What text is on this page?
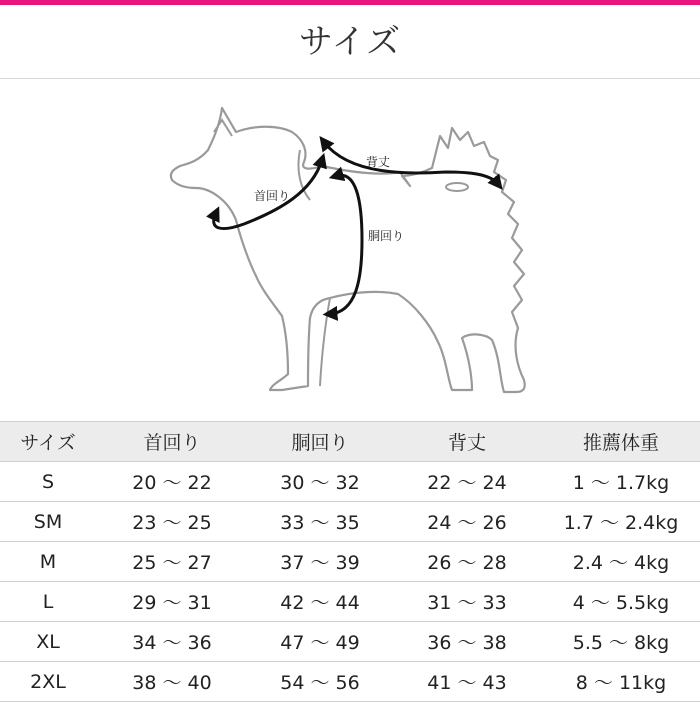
サイズ
首回り
背丈
胴回り
サイズ	首回り	胴回り	背丈	推薦体重
S	20 〜 22	30 〜 32	22 〜 24	1 〜 1.7kg
SM	23 〜 25	33 〜 35	24 〜 26	1.7 〜 2.4kg
M	25 〜 27	37 〜 39	26 〜 28	2.4 〜 4kg
L	29 〜 31	42 〜 44	31 〜 33	4 〜 5.5kg
XL	34 〜 36	47 〜 49	36 〜 38	5.5 〜 8kg
2XL	38 〜 40	54 〜 56	41 〜 43	8 〜 11kg
